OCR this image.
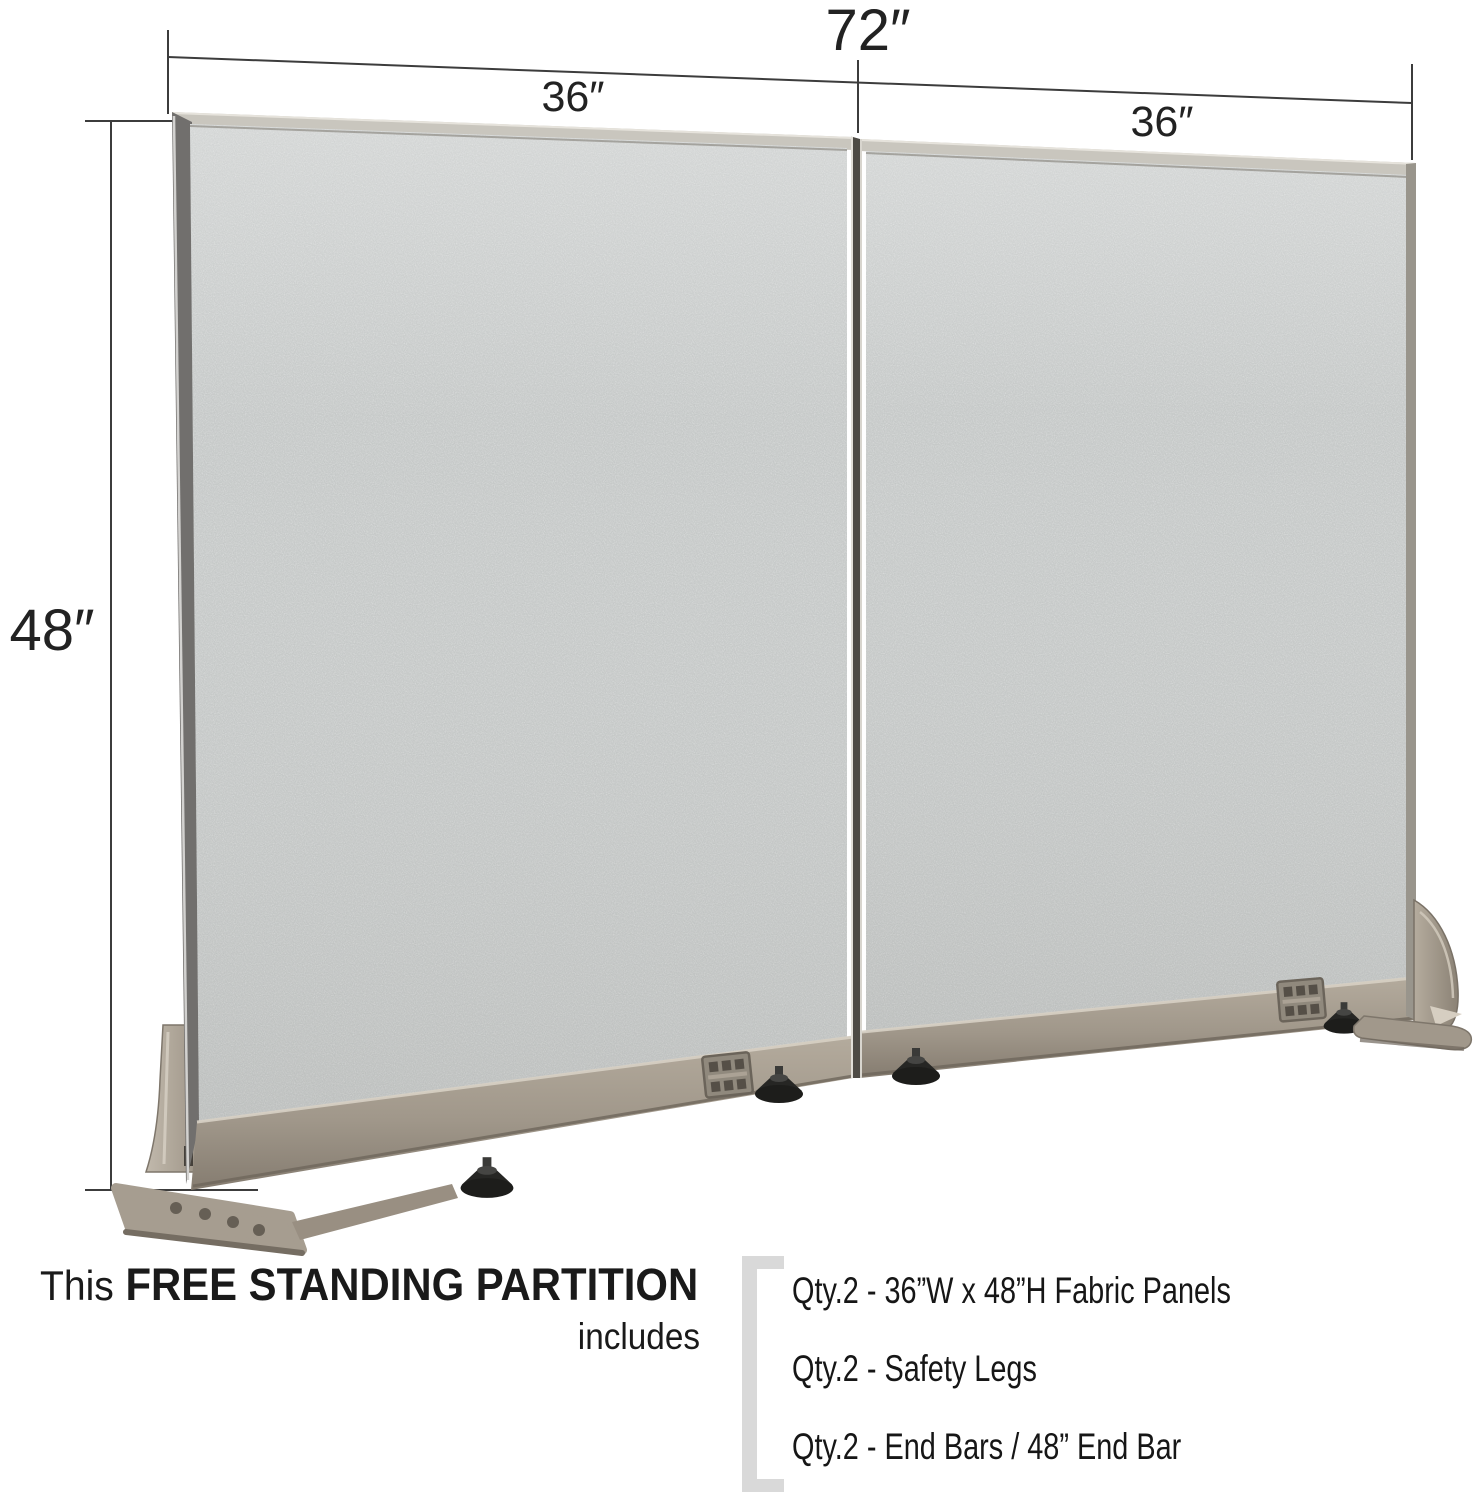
72″
36″
36″
48″
This FREE STANDING PARTITION
includes
Qty.2 - 36”W x 48”H Fabric Panels
Qty.2 - Safety Legs
Qty.2 - End Bars / 48” End Bar
